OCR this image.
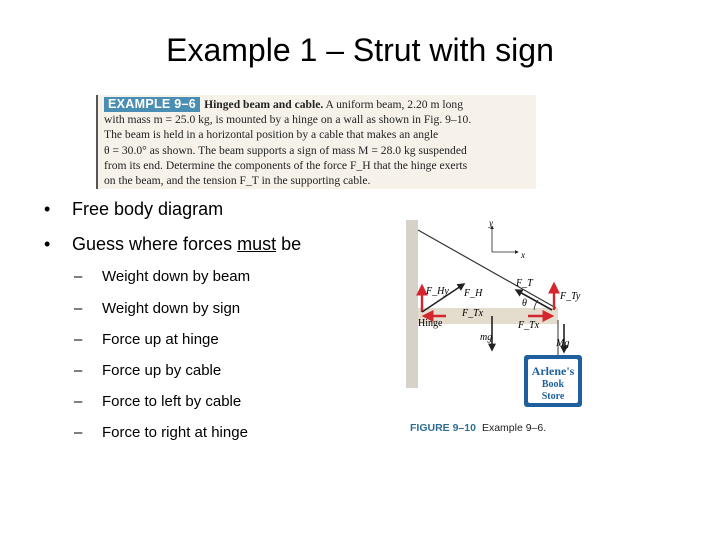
Example 1 – Strut with sign
EXAMPLE 9–6 Hinged beam and cable. A uniform beam, 2.20 m long
with mass m = 25.0 kg, is mounted by a hinge on a wall as shown in Fig. 9–10.
The beam is held in a horizontal position by a cable that makes an angle
θ = 30.0° as shown. The beam supports a sign of mass M = 28.0 kg suspended
from its end. Determine the components of the force F_H that the hinge exerts
on the beam, and the tension F_T in the supporting cable.
• Free body diagram
• Guess where forces must be
– Weight down by beam
– Weight down by sign
– Force up at hinge
– Force up by cable
– Force to left by cable
– Force to right at hinge
y
x
F_Hy F_H
F_T
F_Ty
θ
F_Tx
F_Tx
Hinge
mg
Mg
Arlene's
Book
Store
FIGURE 9–10 Example 9–6.
